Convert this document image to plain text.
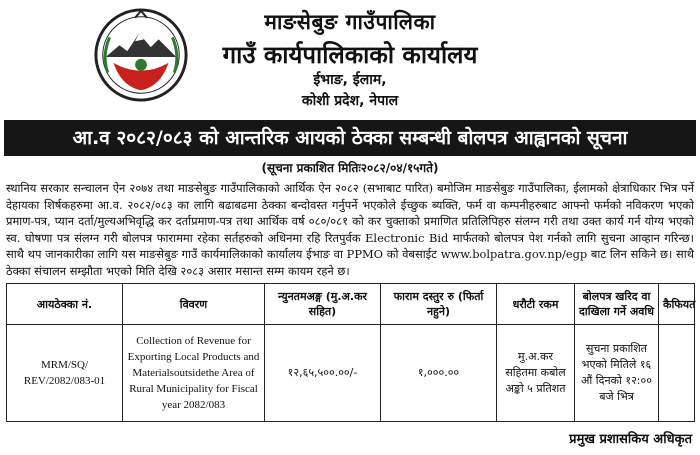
माङसेबुङ गाउँपालिका
गाउँ कार्यपालिकाको कार्यालय
ईभाङ, ईलाम,
कोशी प्रदेश, नेपाल
आ.व २०८२/०८३ को आन्तरिक आयको ठेक्का सम्बन्धी बोलपत्र आह्वानको सूचना
(सूचना प्रकाशित मितिः२०८२/०४/१५गते)
स्थानिय सरकार सन्चालन ऐन २०७४ तथा माङसेबुङ गाउँपालिकाको आर्थिक ऐन २०८२ (सभाबाट पारित) बमोजिम माङसेबुङ गाउँपालिका, ईलामको क्षेत्राधिकार भित्र पर्ने देहायका शिर्षकहरुमा आ.व. २०८२/०८३ का लागि बढाबढमा ठेक्का बन्दोवस्त गर्नुपर्ने भएकोले ईच्छुक ब्यक्ति, फर्म वा कम्पनीहरुबाट आफ्नो फर्मको नविकरण भएको प्रमाण-पत्र, प्यान दर्ता/मुल्यअभिवृद्धि कर दर्ताप्रमाण-पत्र तथा आर्थिक वर्ष ०८०/०८१ को कर चुक्ताको प्रमाणित प्रतिलिपिहरु संलग्न गरी तथा उक्त कार्य गर्न योग्य भएको स्व. घोषणा पत्र संलग्न गरी बोलपत्र फाराममा रहेका सर्तहरुको अधिनमा रहि रितपुर्वक Electronic Bid मार्फतको बोलपत्र पेश गर्नको लागि सुचना आव्हान गरिन्छ। साथै थप जानकारीका लागि यस माङसेबुङ गाउँ कार्यमालिकाको कार्यालय ईभाङ वा PPMO को वेबसाईट www.bolpatra.gov.np/egp बाट लिन सकिने छ। साथै ठेक्का संचालन सम्झौता भएको मिति देखि २०८३ असार मसान्त सम्म कायम रहने छ।
आयठेक्का नं.	विवरण	न्युनतमअङ्ग (मु.अ.कर सहित)	फाराम दस्तुर रु (फिर्ता नहुने)	धरौटी रकम	बोलपत्र खरिद वा दाखिला गर्ने अवधि	कैफियत
MRM/SQ/ REV/2082/083-01	Collection of Revenue for Exporting Local Products and Materialsoutsidethe Area of Rural Municipality for Fiscal year 2082/083	१२,६५,५००.००/-	१,०००.००	मु.अ.कर सहितमा कबोल अङ्को ५ प्रतिशत	सुचना प्रकाशित भएको मितिले १६ औं दिनको १२:०० बजे भित्र	
प्रमुख प्रशासकिय अधिकृत
